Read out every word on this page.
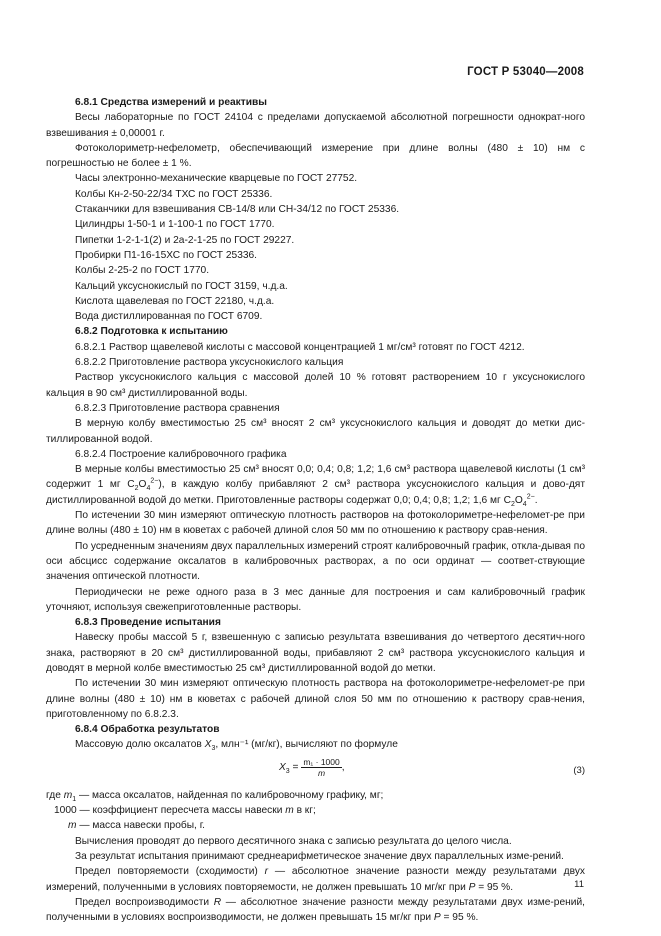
ГОСТ Р 53040—2008

6.8.1 Средства измерений и реактивы

Весы лабораторные по ГОСТ 24104 с пределами допускаемой абсолютной погрешности однократ-ного взвешивания ± 0,00001 г.

Фотоколориметр-нефелометр, обеспечивающий измерение при длине волны (480 ± 10) нм с погрешностью не более ± 1 %.

Часы электронно-механические кварцевые по ГОСТ 27752.

Колбы Кн-2-50-22/34 ТХС по ГОСТ 25336.

Стаканчики для взвешивания СВ-14/8 или СН-34/12 по ГОСТ 25336.

Цилиндры 1-50-1 и 1-100-1 по ГОСТ 1770.

Пипетки 1-2-1-1(2) и 2а-2-1-25 по ГОСТ 29227.

Пробирки П1-16-15ХС по ГОСТ 25336.

Колбы 2-25-2 по ГОСТ 1770.

Кальций уксуснокислый по ГОСТ 3159, ч.д.а.

Кислота щавелевая по ГОСТ 22180, ч.д.а.

Вода дистиллированная по ГОСТ 6709.

6.8.2 Подготовка к испытанию

6.8.2.1 Раствор щавелевой кислоты с массовой концентрацией 1 мг/см³ готовят по ГОСТ 4212.

6.8.2.2 Приготовление раствора уксуснокислого кальция

Раствор уксуснокислого кальция с массовой долей 10 % готовят растворением 10 г уксуснокислого кальция в 90 см³ дистиллированной воды.

6.8.2.3 Приготовление раствора сравнения

В мерную колбу вместимостью 25 см³ вносят 2 см³ уксуснокислого кальция и доводят до метки дис-тиллированной водой.

6.8.2.4 Построение калибровочного графика

В мерные колбы вместимостью 25 см³ вносят 0,0; 0,4; 0,8; 1,2; 1,6 см³ раствора щавелевой кислоты (1 см³ содержит 1 мг $C_2O_4^{2-}$), в каждую колбу прибавляют 2 см³ раствора уксуснокислого кальция и дово-дят дистиллированной водой до метки. Приготовленные растворы содержат 0,0; 0,4; 0,8; 1,2; 1,6 мг $C_2O_4^{2-}$.

По истечении 30 мин измеряют оптическую плотность растворов на фотоколориметре-нефеломет-ре при длине волны (480 ± 10) нм в кюветах с рабочей длиной слоя 50 мм по отношению к раствору срав-нения.

По усредненным значениям двух параллельных измерений строят калибровочный график, откла-дывая по оси абсцисс содержание оксалатов в калибровочных растворах, а по оси ординат — соответ-ствующие значения оптической плотности.

Периодически не реже одного раза в 3 мес данные для построения и сам калибровочный график уточняют, используя свежеприготовленные растворы.

6.8.3 Проведение испытания

Навеску пробы массой 5 г, взвешенную с записью результата взвешивания до четвертого десятич-ного знака, растворяют в 20 см³ дистиллированной воды, прибавляют 2 см³ раствора уксуснокислого кальция и доводят в мерной колбе вместимостью 25 см³ дистиллированной водой до метки.

По истечении 30 мин измеряют оптическую плотность раствора на фотоколориметре-нефеломет-ре при длине волны (480 ± 10) нм в кюветах с рабочей длиной слоя 50 мм по отношению к раствору срав-нения, приготовленному по 6.8.2.3.

6.8.4 Обработка результатов

Массовую долю оксалатов $X_3$, млн⁻¹ (мг/кг), вычисляют по формуле

$X_3 = \frac{\text{m₁ · 1000}}{m}$ ,	(3)

где $m_1$ — масса оксалатов, найденная по калибровочному графику, мг;

1000 — коэффициент пересчета массы навески m в кг;

m — масса навески пробы, г.

Вычисления проводят до первого десятичного знака с записью результата до целого числа.

За результат испытания принимают среднеарифметическое значение двух параллельных изме-рений.

Предел повторяемости (сходимости) r — абсолютное значение разности между результатами двух измерений, полученными в условиях повторяемости, не должен превышать 10 мг/кг при P = 95 %.

Предел воспроизводимости R — абсолютное значение разности между результатами двух изме-рений, полученными в условиях воспроизводимости, не должен превышать 15 мг/кг при P = 95 %.

11
